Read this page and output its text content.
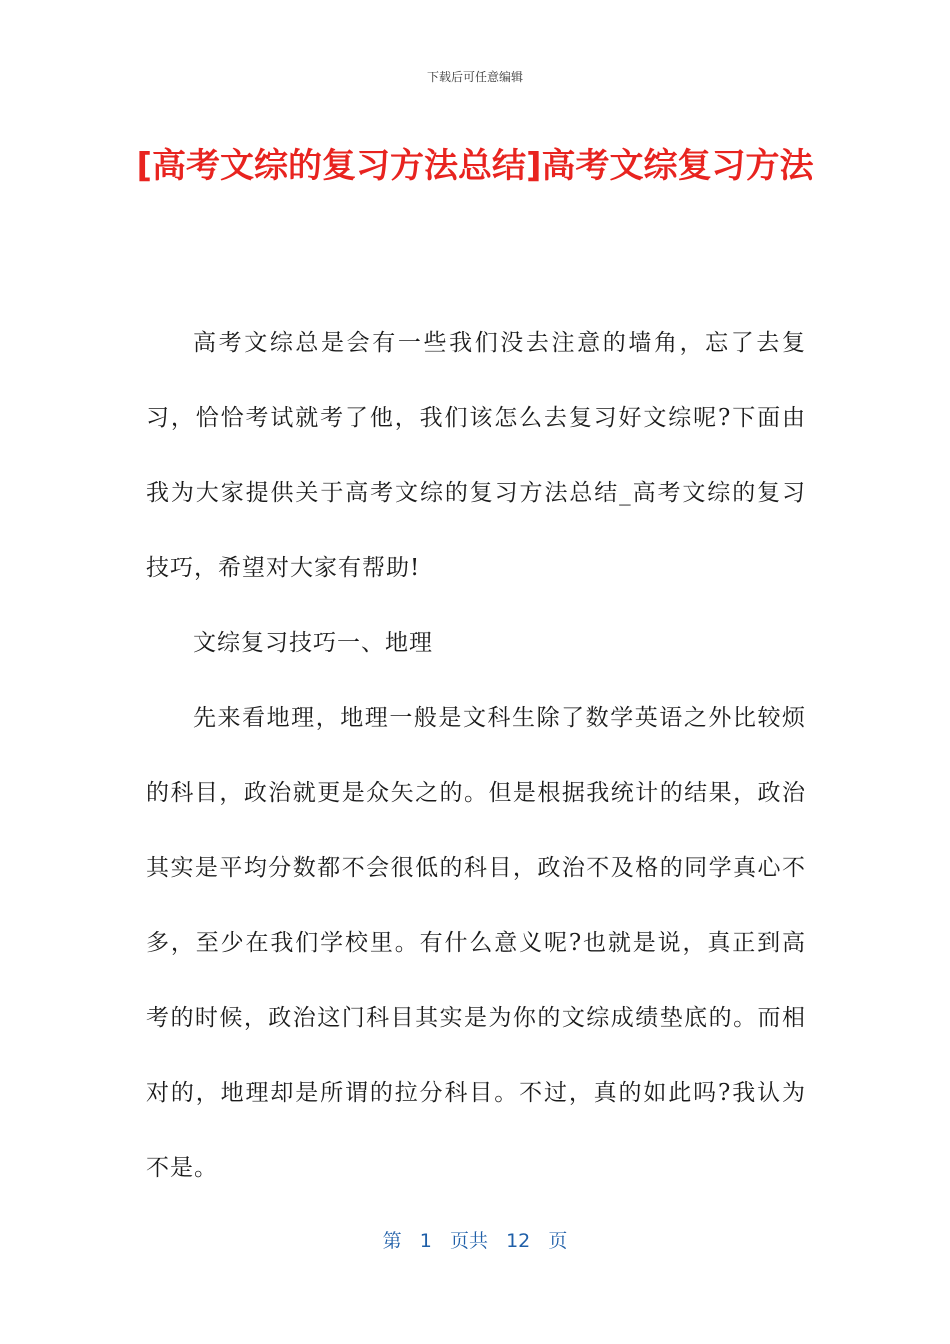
下载后可任意编辑
[高考文综的复习方法总结]高考文综复习方法

高考文综总是会有一些我们没去注意的墙角，忘了去复习，恰恰考试就考了他，我们该怎么去复习好文综呢?下面由我为大家提供关于高考文综的复习方法总结_高考文综的复习技巧，希望对大家有帮助!

文综复习技巧一、地理

先来看地理，地理一般是文科生除了数学英语之外比较烦的科目，政治就更是众矢之的。但是根据我统计的结果，政治其实是平均分数都不会很低的科目，政治不及格的同学真心不多，至少在我们学校里。有什么意义呢?也就是说，真正到高考的时候，政治这门科目其实是为你的文综成绩垫底的。而相对的，地理却是所谓的拉分科目。不过，真的如此吗?我认为不是。

第 1 页共 12 页
